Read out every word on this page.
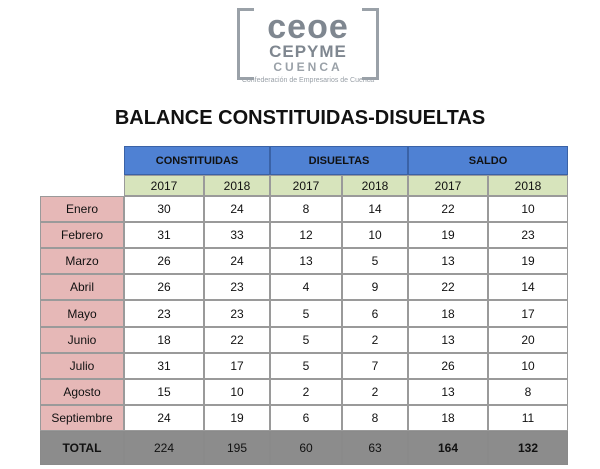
ceoe
CEPYME
CUENCA
Confederación de Empresarios de Cuenca
BALANCE CONSTITUIDAS-DISUELTAS
CONSTITUIDAS	DISUELTAS	SALDO
2017	2018	2017	2018	2017	2018
Enero	30	24	8	14	22	10
Febrero	31	33	12	10	19	23
Marzo	26	24	13	5	13	19
Abril	26	23	4	9	22	14
Mayo	23	23	5	6	18	17
Junio	18	22	5	2	13	20
Julio	31	17	5	7	26	10
Agosto	15	10	2	2	13	8
Septiembre	24	19	6	8	18	11
TOTAL	224	195	60	63	164	132
